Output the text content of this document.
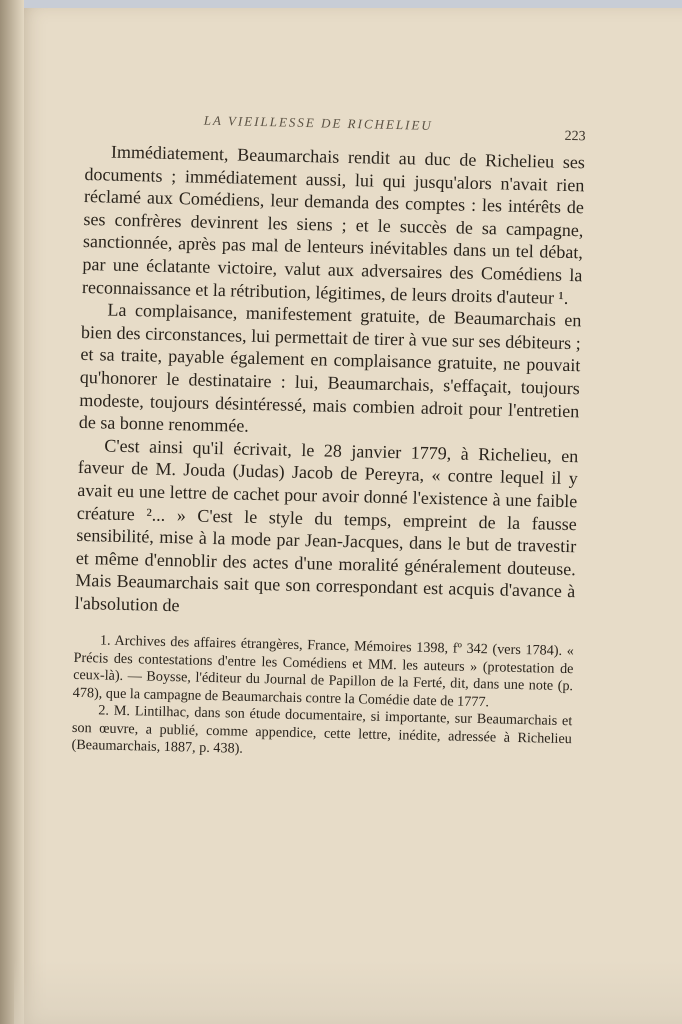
LA VIEILLESSE DE RICHELIEU
223

Immédiatement, Beaumarchais rendit au duc de Richelieu ses documents ; immédiatement aussi, lui qui jusqu'alors n'avait rien réclamé aux Comédiens, leur demanda des comptes : les intérêts de ses confrères devinrent les siens ; et le succès de sa campagne, sanctionnée, après pas mal de lenteurs inévitables dans un tel débat, par une éclatante victoire, valut aux adversaires des Comédiens la reconnaissance et la rétribution, légitimes, de leurs droits d'auteur ¹.

La complaisance, manifestement gratuite, de Beaumarchais en bien des circonstances, lui permettait de tirer à vue sur ses débiteurs ; et sa traite, payable également en complaisance gratuite, ne pouvait qu'honorer le destinataire : lui, Beaumarchais, s'effaçait, toujours modeste, toujours désintéressé, mais combien adroit pour l'entretien de sa bonne renommée.

C'est ainsi qu'il écrivait, le 28 janvier 1779, à Richelieu, en faveur de M. Jouda (Judas) Jacob de Pereyra, « contre lequel il y avait eu une lettre de cachet pour avoir donné l'existence à une faible créature ²... » C'est le style du temps, empreint de la fausse sensibilité, mise à la mode par Jean-Jacques, dans le but de travestir et même d'ennoblir des actes d'une moralité généralement douteuse. Mais Beaumarchais sait que son correspondant est acquis d'avance à l'absolution de

1. Archives des affaires étrangères, France, Mémoires 1398, fº 342 (vers 1784). « Précis des contestations d'entre les Comédiens et MM. les auteurs » (protestation de ceux-là). — Boysse, l'éditeur du Journal de Papillon de la Ferté, dit, dans une note (p. 478), que la campagne de Beaumarchais contre la Comédie date de 1777.

2. M. Lintilhac, dans son étude documentaire, si importante, sur Beaumarchais et son œuvre, a publié, comme appendice, cette lettre, inédite, adressée à Richelieu (Beaumarchais, 1887, p. 438).
